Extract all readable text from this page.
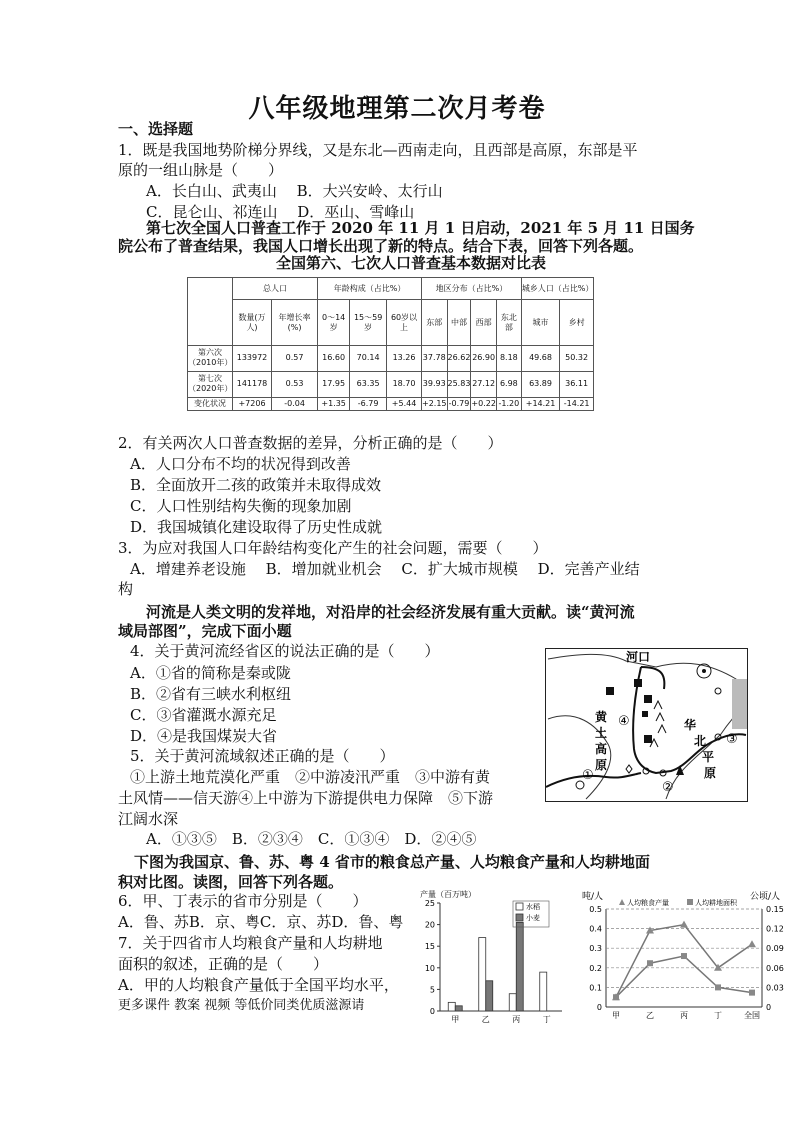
八年级地理第二次月考卷
一、选择题
1．既是我国地势阶梯分界线，又是东北—西南走向，且西部是高原，东部是平
原的一组山脉是（　　）
A．长白山、武夷山　 B．大兴安岭、太行山
C．昆仑山、祁连山　 D．巫山、雪峰山
第七次全国人口普查工作于 2020 年 11 月 1 日启动，2021 年 5 月 11 日国务
院公布了普查结果，我国人口增长出现了新的特点。结合下表，回答下列各题。
全国第六、七次人口普查基本数据对比表
	总人口		年龄构成（占比%）			地区分布（占比%）				城乡人口（占比%）	
	数量(万人)	年增长率(%)	0～14岁	15～59岁	60岁以上	东部	中部	西部	东北部	城市	乡村
第六次（2010年）	133972	0.57	16.60	70.14	13.26	37.78	26.62	26.90	8.18	49.68	50.32
第七次（2020年）	141178	0.53	17.95	63.35	18.70	39.93	25.83	27.12	6.98	63.89	36.11
变化状况	+7206	-0.04	+1.35	-6.79	+5.44	+2.15	-0.79	+0.22	-1.20	+14.21	-14.21
2．有关两次人口普查数据的差异，分析正确的是（　　）
A．人口分布不均的状况得到改善
B．全面放开二孩的政策并未取得成效
C．人口性别结构失衡的现象加剧
D．我国城镇化建设取得了历史性成就
3．为应对我国人口年龄结构变化产生的社会问题，需要（　　）
A．增建养老设施　 B．增加就业机会　 C．扩大城市规模　 D．完善产业结
构
河流是人类文明的发祥地，对沿岸的社会经济发展有重大贡献。读“黄河流
域局部图”，完成下面小题
4．关于黄河流经省区的说法正确的是（　　）
A．①省的简称是秦或陇
B．②省有三峡水利枢纽
C．③省灌溉水源充足
D．④是我国煤炭大省
5．关于黄河流域叙述正确的是（　　）
①上游土地荒漠化严重　②中游凌汛严重　③中游有黄
土风情——信天游④上中游为下游提供电力保障　⑤下游
江阔水深
A．①③⑤　B．②③④　C．①③④　D．②④⑤
河口
黄
土
高
原
华
北
平
原
④
①
②
③
下图为我国京、鲁、苏、粤 4 省市的粮食总产量、人均粮食产量和人均耕地面
积对比图。读图，回答下列各题。
6．甲、丁表示的省市分别是（　　）
A．鲁、苏B．京、粤C．京、苏D．鲁、粤
7．关于四省市人均粮食产量和人均耕地
面积的叙述，正确的是（　　）
A．甲的人均粮食产量低于全国平均水平，
更多课件 教案 视频 等低价同类优质滋源请
产量（百万吨）
0
5
10
15
20
25
甲	乙	丙	丁
水稻
小麦
吨/人	公顷/人
0
0.1
0.2
0.3
0.4
0.5
0
0.03
0.06
0.09
0.12
0.15
甲	乙	丙	丁	全国
人均粮食产量	人均耕地面积
